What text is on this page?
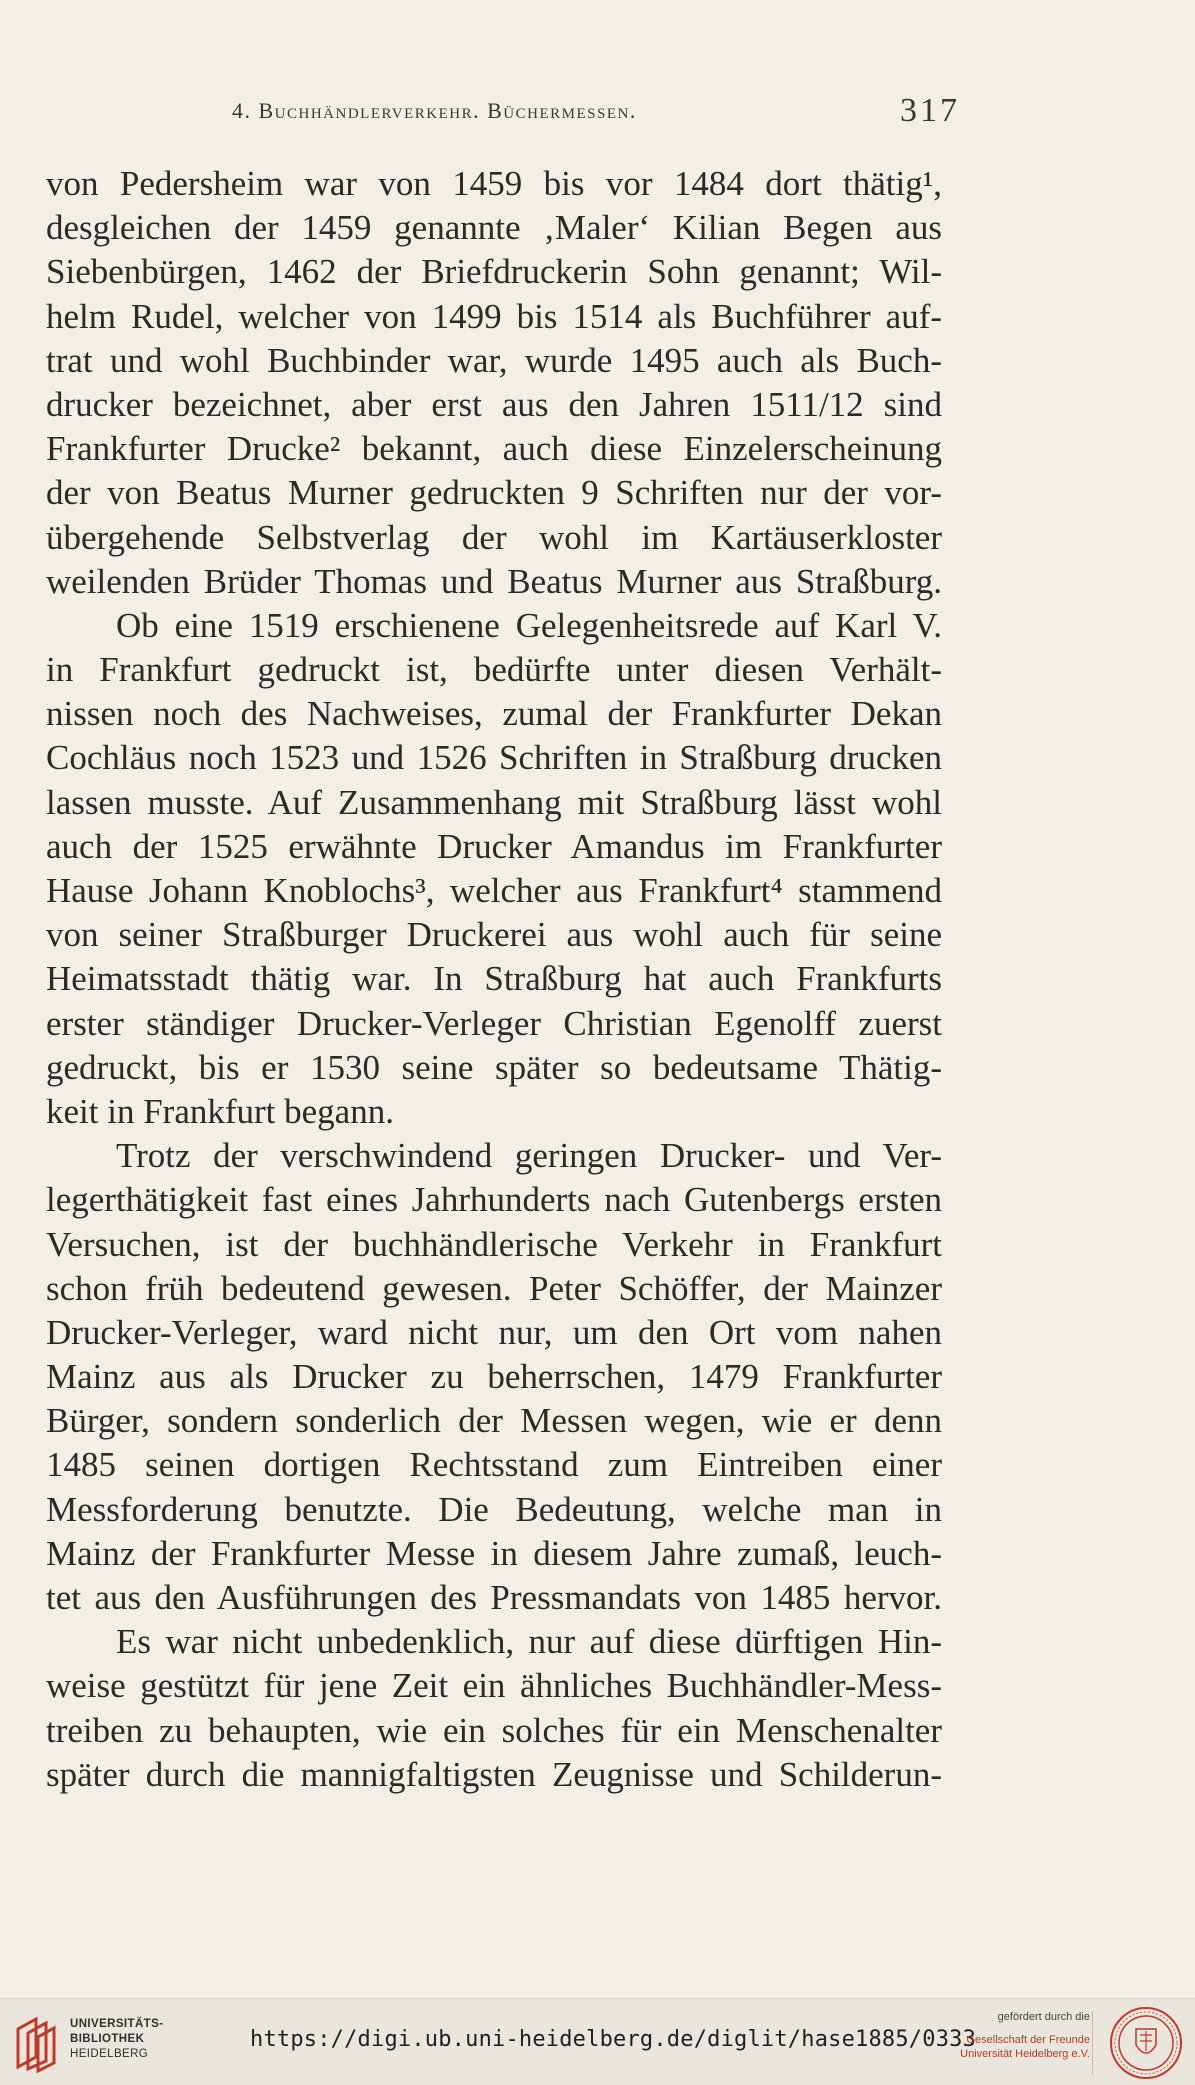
4. Buchhändlerverkehr. Büchermessen.	317
von Pedersheim war von 1459 bis vor 1484 dort thätig¹,
desgleichen der 1459 genannte ‚Maler‘ Kilian Begen aus
Siebenbürgen, 1462 der Briefdruckerin Sohn genannt; Wil-
helm Rudel, welcher von 1499 bis 1514 als Buchführer auf-
trat und wohl Buchbinder war, wurde 1495 auch als Buch-
drucker bezeichnet, aber erst aus den Jahren 1511/12 sind
Frankfurter Drucke² bekannt, auch diese Einzelerscheinung
der von Beatus Murner gedruckten 9 Schriften nur der vor-
übergehende Selbstverlag der wohl im Kartäuserkloster
weilenden Brüder Thomas und Beatus Murner aus Straßburg.
Ob eine 1519 erschienene Gelegenheitsrede auf Karl V.
in Frankfurt gedruckt ist, bedürfte unter diesen Verhält-
nissen noch des Nachweises, zumal der Frankfurter Dekan
Cochläus noch 1523 und 1526 Schriften in Straßburg drucken
lassen musste. Auf Zusammenhang mit Straßburg lässt wohl
auch der 1525 erwähnte Drucker Amandus im Frankfurter
Hause Johann Knoblochs³, welcher aus Frankfurt⁴ stammend
von seiner Straßburger Druckerei aus wohl auch für seine
Heimatsstadt thätig war. In Straßburg hat auch Frankfurts
erster ständiger Drucker-Verleger Christian Egenolff zuerst
gedruckt, bis er 1530 seine später so bedeutsame Thätig-
keit in Frankfurt begann.
Trotz der verschwindend geringen Drucker- und Ver-
legerthätigkeit fast eines Jahrhunderts nach Gutenbergs ersten
Versuchen, ist der buchhändlerische Verkehr in Frankfurt
schon früh bedeutend gewesen. Peter Schöffer, der Mainzer
Drucker-Verleger, ward nicht nur, um den Ort vom nahen
Mainz aus als Drucker zu beherrschen, 1479 Frankfurter
Bürger, sondern sonderlich der Messen wegen, wie er denn
1485 seinen dortigen Rechtsstand zum Eintreiben einer
Messforderung benutzte. Die Bedeutung, welche man in
Mainz der Frankfurter Messe in diesem Jahre zumaß, leuch-
tet aus den Ausführungen des Pressmandats von 1485 hervor.
Es war nicht unbedenklich, nur auf diese dürftigen Hin-
weise gestützt für jene Zeit ein ähnliches Buchhändler-Mess-
treiben zu behaupten, wie ein solches für ein Menschenalter
später durch die mannigfaltigsten Zeugnisse und Schilderun-
UNIVERSITÄTS-
BIBLIOTHEK
HEIDELBERG
https://digi.ub.uni-heidelberg.de/diglit/hase1885/0333
gefördert durch die
Gesellschaft der Freunde
Universität Heidelberg e.V.
